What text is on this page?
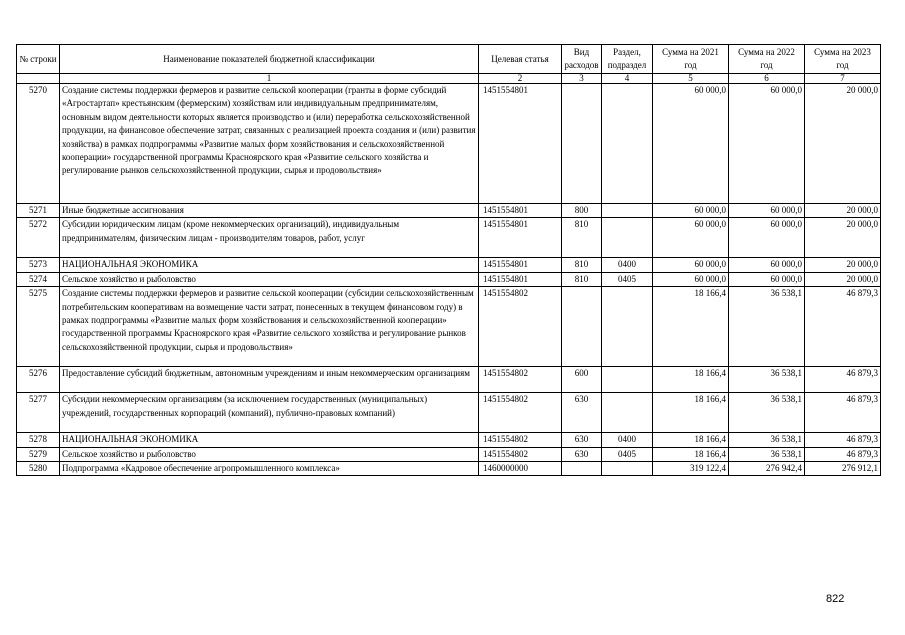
№ строки	Наименование показателей бюджетной классификации	Целевая статья	Вид расходов	Раздел, подраздел	Сумма на 2021 год	Сумма на 2022 год	Сумма на 2023 год
	1	2	3	4	5	6	7
5270	Создание системы поддержки фермеров и развитие сельской кооперации (гранты в форме субсидий «Агростартап» крестьянским (фермерским) хозяйствам или индивидуальным предпринимателям, основным видом деятельности которых является производство и (или) переработка сельскохозяйственной продукции, на финансовое обеспечение затрат, связанных с реализацией проекта создания и (или) развития хозяйства) в рамках подпрограммы «Развитие малых форм хозяйствования и сельскохозяйственной кооперации» государственной программы Красноярского края «Развитие сельского хозяйства и регулирование рынков сельскохозяйственной продукции, сырья и продовольствия»	1451554801			60 000,0	60 000,0	20 000,0
5271	Иные бюджетные ассигнования	1451554801	800		60 000,0	60 000,0	20 000,0
5272	Субсидии юридическим лицам (кроме некоммерческих организаций), индивидуальным предпринимателям, физическим лицам - производителям товаров, работ, услуг	1451554801	810		60 000,0	60 000,0	20 000,0
5273	НАЦИОНАЛЬНАЯ ЭКОНОМИКА	1451554801	810	0400	60 000,0	60 000,0	20 000,0
5274	Сельское хозяйство и рыболовство	1451554801	810	0405	60 000,0	60 000,0	20 000,0
5275	Создание системы поддержки фермеров и развитие сельской кооперации (субсидии сельскохозяйственным потребительским кооперативам на возмещение части затрат, понесенных в текущем финансовом году) в рамках подпрограммы «Развитие малых форм хозяйствования и сельскохозяйственной кооперации» государственной программы Красноярского края «Развитие сельского хозяйства и регулирование рынков сельскохозяйственной продукции, сырья и продовольствия»	1451554802			18 166,4	36 538,1	46 879,3
5276	Предоставление субсидий бюджетным, автономным учреждениям и иным некоммерческим организациям	1451554802	600		18 166,4	36 538,1	46 879,3
5277	Субсидии некоммерческим организациям (за исключением государственных (муниципальных) учреждений, государственных корпораций (компаний), публично-правовых компаний)	1451554802	630		18 166,4	36 538,1	46 879,3
5278	НАЦИОНАЛЬНАЯ ЭКОНОМИКА	1451554802	630	0400	18 166,4	36 538,1	46 879,3
5279	Сельское хозяйство и рыболовство	1451554802	630	0405	18 166,4	36 538,1	46 879,3
5280	Подпрограмма «Кадровое обеспечение агропромышленного комплекса»	1460000000			319 122,4	276 942,4	276 912,1
822
